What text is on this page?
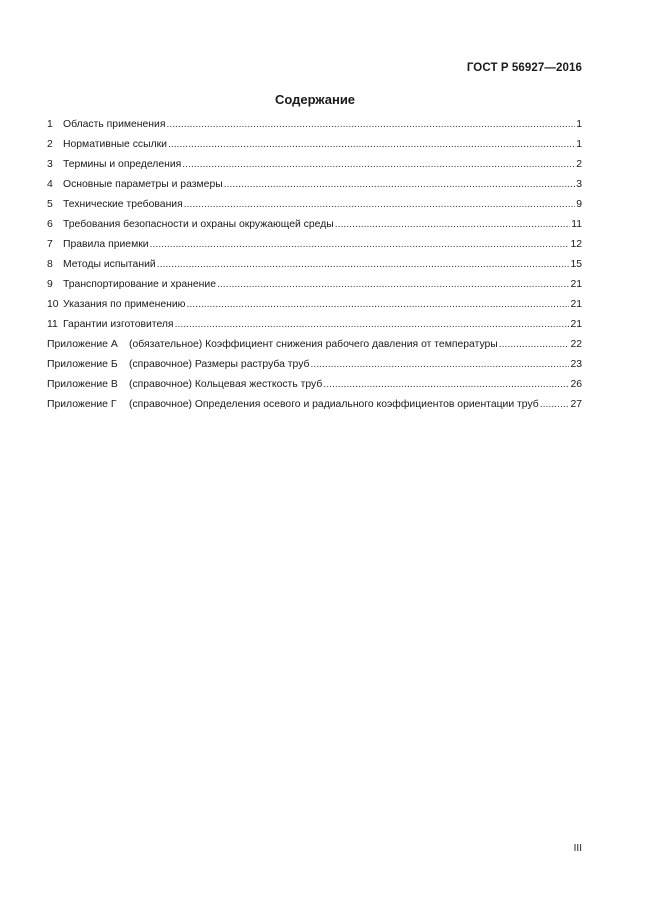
ГОСТ Р 56927—2016
Содержание
1 Область применения .....	1
2 Нормативные ссылки .....	1
3 Термины и определения .....	2
4 Основные параметры и размеры .....	3
5 Технические требования .....	9
6 Требования безопасности и охраны окружающей среды .....	11
7 Правила приемки .....	12
8 Методы испытаний .....	15
9 Транспортирование и хранение .....	21
10 Указания по применению .....	21
11 Гарантии изготовителя .....	21
Приложение А	(обязательное) Коэффициент снижения рабочего давления от температуры .....	22
Приложение Б	(справочное) Размеры раструба труб .....	23
Приложение В	(справочное) Кольцевая жесткость труб .....	26
Приложение Г	(справочное) Определения осевого и радиального коэффициентов ориентации труб .....	27
III
